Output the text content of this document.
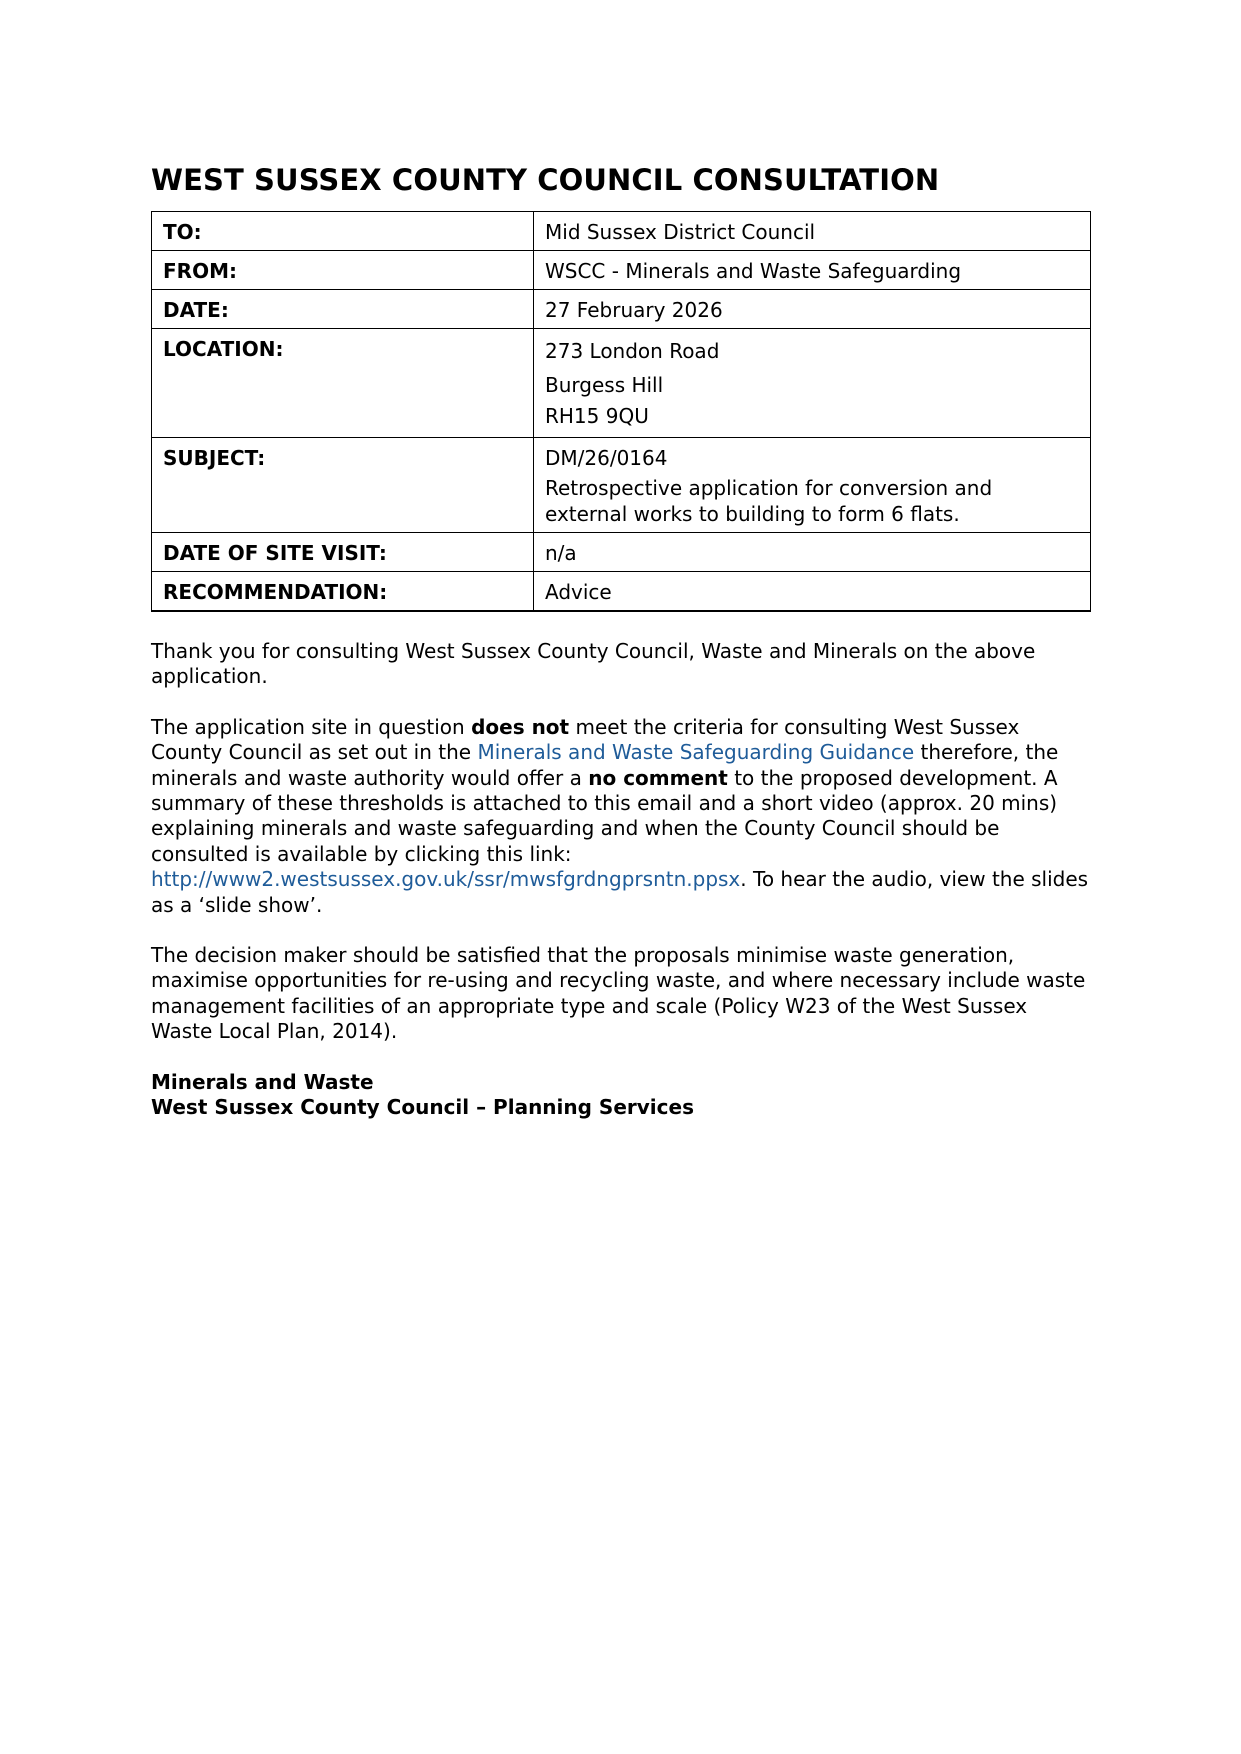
WEST SUSSEX COUNTY COUNCIL CONSULTATION
TO:	Mid Sussex District Council
FROM:	WSCC - Minerals and Waste Safeguarding
DATE:	27 February 2026
LOCATION:	273 London Road
Burgess Hill
RH15 9QU

SUBJECT:	DM/26/0164
Retrospective application for conversion and external works to building to form 6 flats.

DATE OF SITE VISIT:	n/a
RECOMMENDATION:	Advice

Thank you for consulting West Sussex County Council, Waste and Minerals on the above application.

The application site in question does not meet the criteria for consulting West Sussex County Council as set out in the Minerals and Waste Safeguarding Guidance therefore, the minerals and waste authority would offer a no comment to the proposed development. A summary of these thresholds is attached to this email and a short video (approx. 20 mins) explaining minerals and waste safeguarding and when the County Council should be consulted is available by clicking this link: http://www2.westsussex.gov.uk/ssr/mwsfgrdngprsntn.ppsx. To hear the audio, view the slides as a ‘slide show’.

The decision maker should be satisfied that the proposals minimise waste generation, maximise opportunities for re-using and recycling waste, and where necessary include waste management facilities of an appropriate type and scale (Policy W23 of the West Sussex Waste Local Plan, 2014).

Minerals and Waste
West Sussex County Council – Planning Services
